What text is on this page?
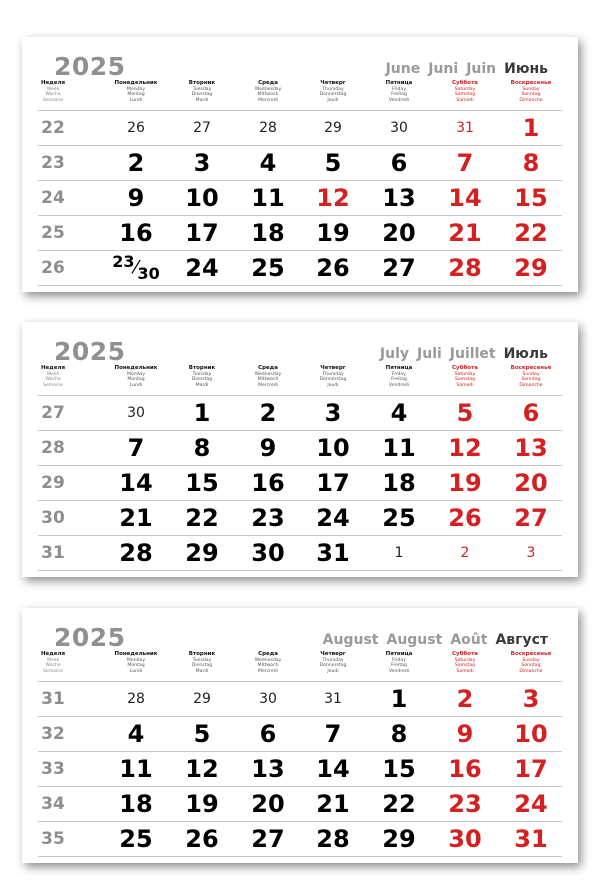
2025	June Juni Juin Июнь
Неделя
Week
Woche
Semaine
Понедельник
Monday
Montag
Lundi
Вторник
Tuesday
Dienstag
Mardi
Среда
Wednesday
Mittwoch
Mercredi
Четверг
Thursday
Donnerstag
Jeudi
Пятница
Friday
Freitag
Vendredi
Суббота
Saturday
Samstag
Samedi
Воскресенье
Sunday
Sonntag
Dimanche
22	26	27	28	29	30	31	1
23	2	3	4	5	6	7	8
24	9	10	11	12	13	14	15
25	16	17	18	19	20	21	22
26	23⁄30	24	25	26	27	28	29
2025	July Juli Juillet Июль
Неделя
Week
Woche
Semaine
Понедельник
Monday
Montag
Lundi
Вторник
Tuesday
Dienstag
Mardi
Среда
Wednesday
Mittwoch
Mercredi
Четверг
Thursday
Donnerstag
Jeudi
Пятница
Friday
Freitag
Vendredi
Суббота
Saturday
Samstag
Samedi
Воскресенье
Sunday
Sonntag
Dimanche
27	30	1	2	3	4	5	6
28	7	8	9	10	11	12	13
29	14	15	16	17	18	19	20
30	21	22	23	24	25	26	27
31	28	29	30	31	1	2	3
2025	August August Août Август
Неделя
Week
Woche
Semaine
Понедельник
Monday
Montag
Lundi
Вторник
Tuesday
Dienstag
Mardi
Среда
Wednesday
Mittwoch
Mercredi
Четверг
Thursday
Donnerstag
Jeudi
Пятница
Friday
Freitag
Vendredi
Суббота
Saturday
Samstag
Samedi
Воскресенье
Sunday
Sonntag
Dimanche
31	28	29	30	31	1	2	3
32	4	5	6	7	8	9	10
33	11	12	13	14	15	16	17
34	18	19	20	21	22	23	24
35	25	26	27	28	29	30	31
